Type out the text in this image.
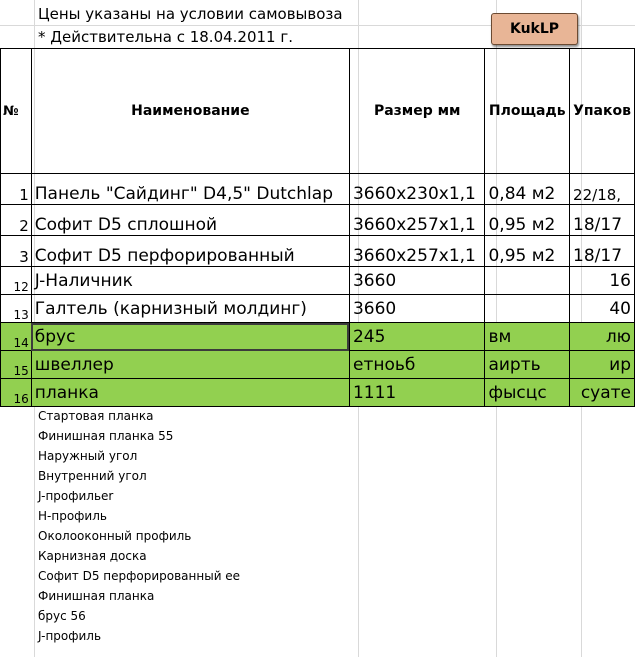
Цены указаны на условии самовывоза
* Действительна с 18.04.2011 г.	KukLP
№	Наименование	Размер мм	Площадь	Упаков
1	Панель "Сайдинг" D4,5" Dutchlap	3660x230x1,1	0,84 м2	22/18,
2	Софит D5 сплошной	3660x257x1,1	0,95 м2	18/17
3	Софит D5 перфорированный	3660x257x1,1	0,95 м2	18/17
12	J-Наличник	3660		16
13	Галтель (карнизный молдинг)	3660		40
14	брус	245	вм	лю
15	швеллер	етноьб	аирть	ир
16	планка	1111	фысцс	суате
Стартовая планка
Финишная планка 55
Наружный угол
Внутренний угол
J-профильer
H-профиль
Околооконный профиль
Карнизная доска
Софит D5 перфорированный ее
Финишная планка
брус 56
J-профиль
